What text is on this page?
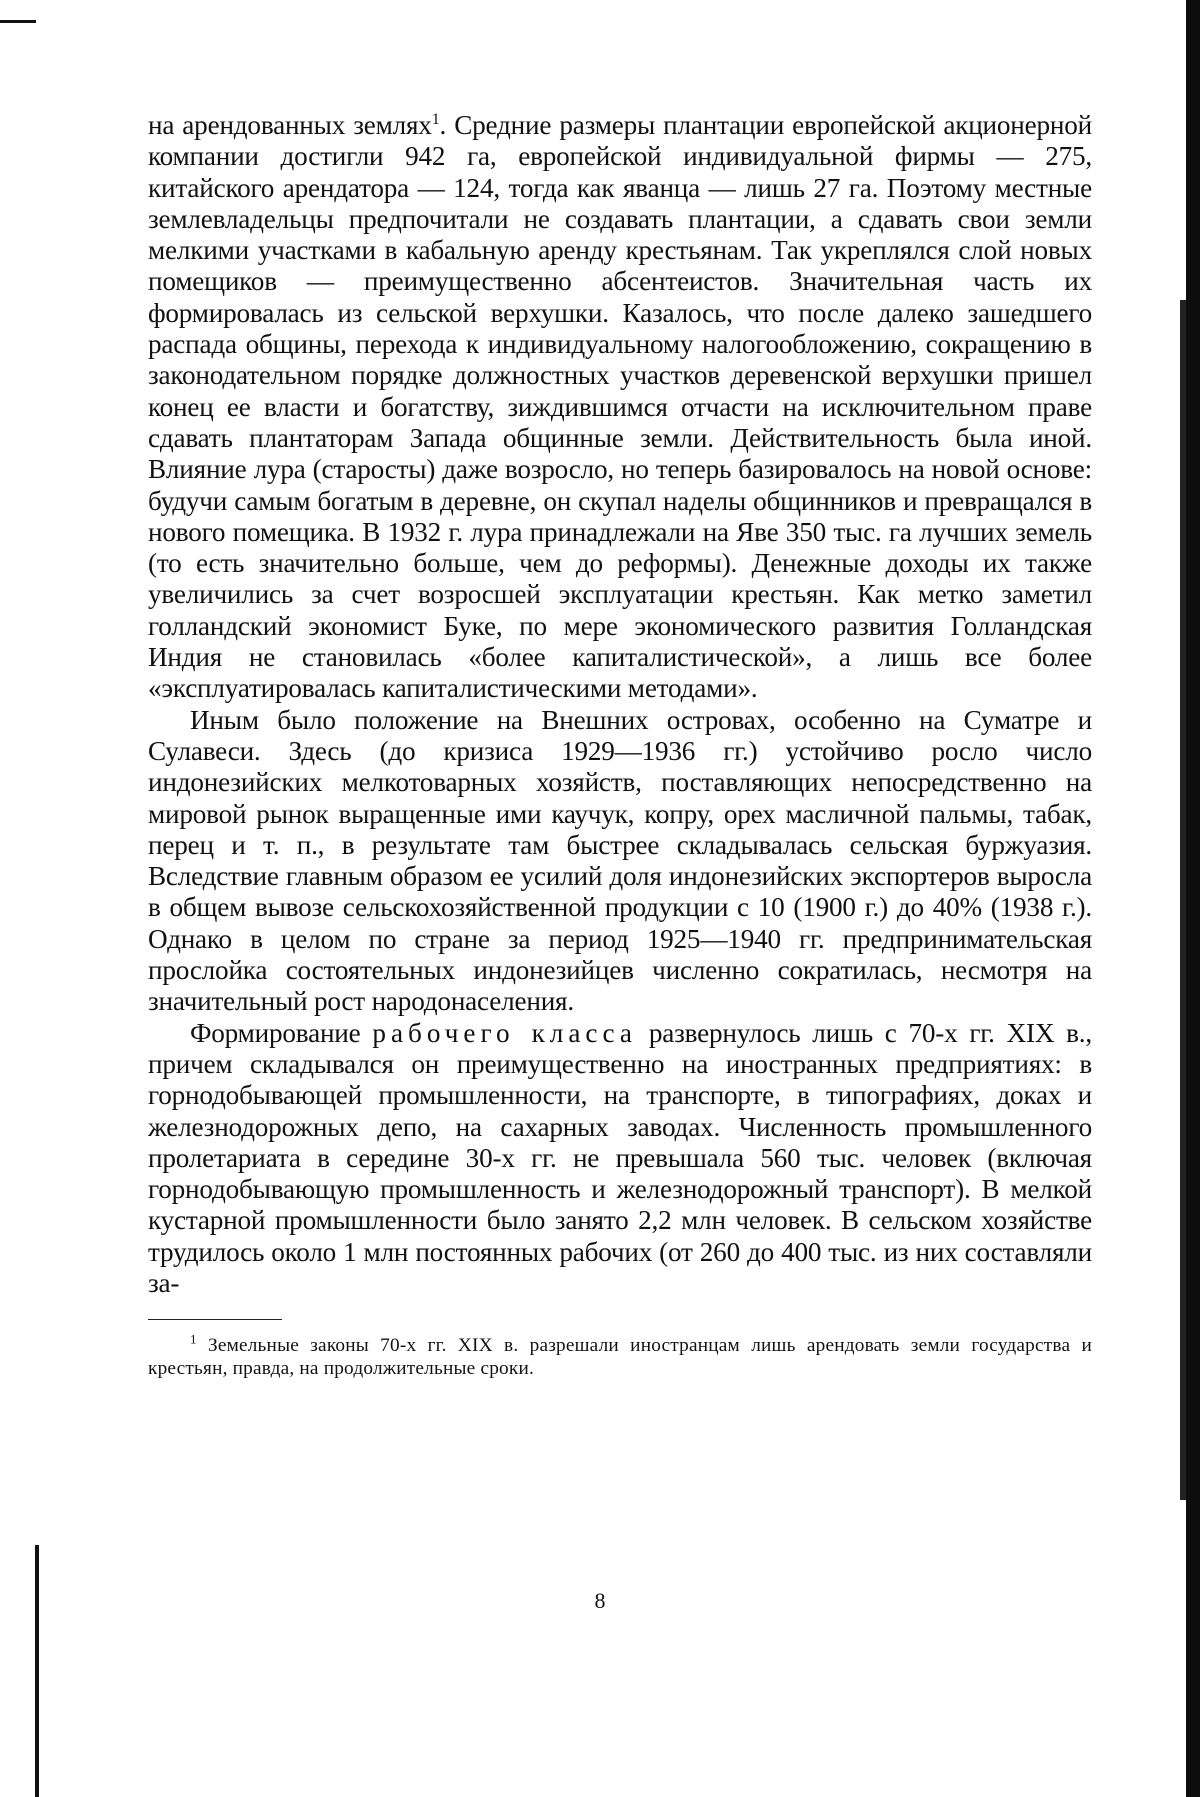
на арендованных землях$^1$. Средние размеры плантации европейской акционерной компании достигли 942 га, европейской индивидуальной фирмы — 275, китайского арендатора — 124, тогда как яванца — лишь 27 га. Поэтому местные землевладельцы предпочитали не создавать плантации, а сдавать свои земли мелкими участками в кабальную аренду крестьянам. Так укреплялся слой новых помещиков — преимущественно абсентеистов. Значительная часть их формировалась из сельской верхушки. Казалось, что после далеко зашедшего распада общины, перехода к индивидуальному налогообложению, сокращению в законодательном порядке должностных участков деревенской верхушки пришел конец ее власти и богатству, зиждившимся отчасти на исключительном праве сдавать плантаторам Запада общинные земли. Действительность была иной. Влияние лура (старосты) даже возросло, но теперь базировалось на новой основе: будучи самым богатым в деревне, он скупал наделы общинников и превращался в нового помещика. В 1932 г. лура принадлежали на Яве 350 тыс. га лучших земель (то есть значительно больше, чем до реформы). Денежные доходы их также увеличились за счет возросшей эксплуатации крестьян. Как метко заметил голландский экономист Буке, по мере экономического развития Голландская Индия не становилась «более капиталистической», а лишь все более «эксплуатировалась капиталистическими методами».

Иным было положение на Внешних островах, особенно на Суматре и Сулавеси. Здесь (до кризиса 1929—1936 гг.) устойчиво росло число индонезийских мелкотоварных хозяйств, поставляющих непосредственно на мировой рынок выращенные ими каучук, копру, орех масличной пальмы, табак, перец и т. п., в результате там быстрее складывалась сельская буржуазия. Вследствие главным образом ее усилий доля индонезийских экспортеров выросла в общем вывозе сельскохозяйственной продукции с 10 (1900 г.) до 40% (1938 г.). Однако в целом по стране за период 1925—1940 гг. предпринимательская прослойка состоятельных индонезийцев численно сократилась, несмотря на значительный рост народонаселения.

Формирование рабочего класса развернулось лишь с 70-х гг. XIX в., причем складывался он преимущественно на иностранных предприятиях: в горнодобывающей промышленности, на транспорте, в типографиях, доках и железнодорожных депо, на сахарных заводах. Численность промышленного пролетариата в середине 30-х гг. не превышала 560 тыс. человек (включая горнодобывающую промышленность и железнодорожный транспорт). В мелкой кустарной промышленности было занято 2,2 млн человек. В сельском хозяйстве трудилось около 1 млн постоянных рабочих (от 260 до 400 тыс. из них составляли за-

$^1$ Земельные законы 70-х гг. XIX в. разрешали иностранцам лишь арендовать земли государства и крестьян, правда, на продолжительные сроки.

8
